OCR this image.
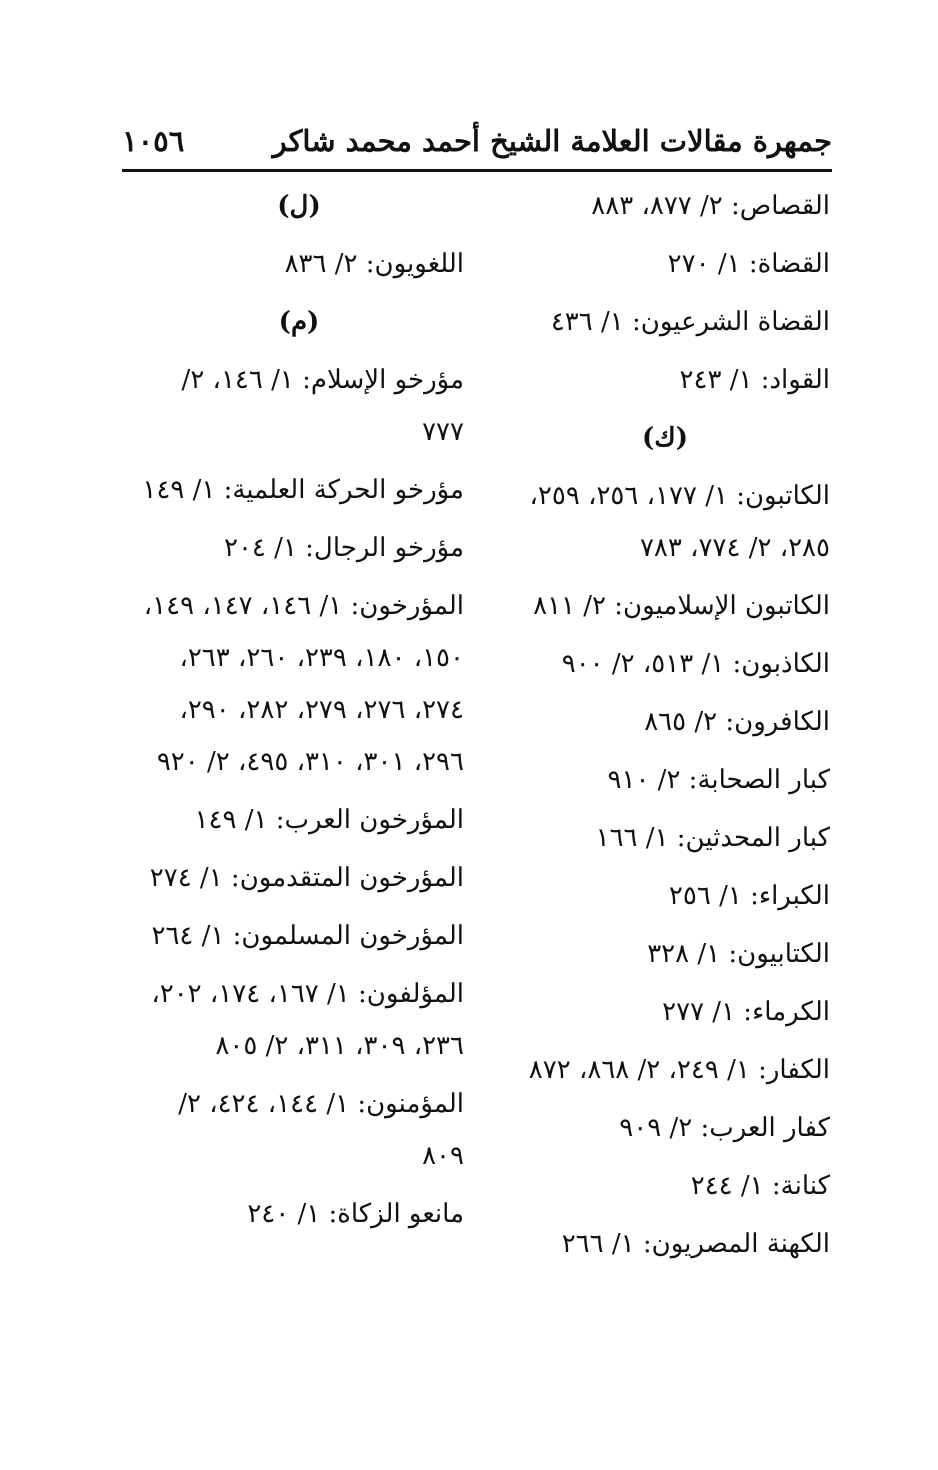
جمهرة مقالات العلامة الشيخ أحمد محمد شاكر
١٠٥٦
القصاص: ٢/ ٨٧٧، ٨٨٣
القضاة: ١/ ٢٧٠
القضاة الشرعيون: ١/ ٤٣٦
القواد: ١/ ٢٤٣
(ك)
الكاتبون: ١/ ١٧٧، ٢٥٦، ٢٥٩، ٢٨٥، ٢/ ٧٧٤، ٧٨٣
الكاتبون الإسلاميون: ٢/ ٨١١
الكاذبون: ١/ ٥١٣، ٢/ ٩٠٠
الكافرون: ٢/ ٨٦٥
كبار الصحابة: ٢/ ٩١٠
كبار المحدثين: ١/ ١٦٦
الكبراء: ١/ ٢٥٦
الكتابيون: ١/ ٣٢٨
الكرماء: ١/ ٢٧٧
الكفار: ١/ ٢٤٩، ٢/ ٨٦٨، ٨٧٢
كفار العرب: ٢/ ٩٠٩
كنانة: ١/ ٢٤٤
الكهنة المصريون: ١/ ٢٦٦
(ل)
اللغويون: ٢/ ٨٣٦
(م)
مؤرخو الإسلام: ١/ ١٤٦، ٢/ ٧٧٧
مؤرخو الحركة العلمية: ١/ ١٤٩
مؤرخو الرجال: ١/ ٢٠٤
المؤرخون: ١/ ١٤٦، ١٤٧، ١٤٩، ١٥٠، ١٨٠، ٢٣٩، ٢٦٠، ٢٦٣، ٢٧٤، ٢٧٦، ٢٧٩، ٢٨٢، ٢٩٠، ٢٩٦، ٣٠١، ٣١٠، ٤٩٥، ٢/ ٩٢٠
المؤرخون العرب: ١/ ١٤٩
المؤرخون المتقدمون: ١/ ٢٧٤
المؤرخون المسلمون: ١/ ٢٦٤
المؤلفون: ١/ ١٦٧، ١٧٤، ٢٠٢، ٢٣٦، ٣٠٩، ٣١١، ٢/ ٨٠٥
المؤمنون: ١/ ١٤٤، ٤٢٤، ٢/ ٨٠٩
مانعو الزكاة: ١/ ٢٤٠
